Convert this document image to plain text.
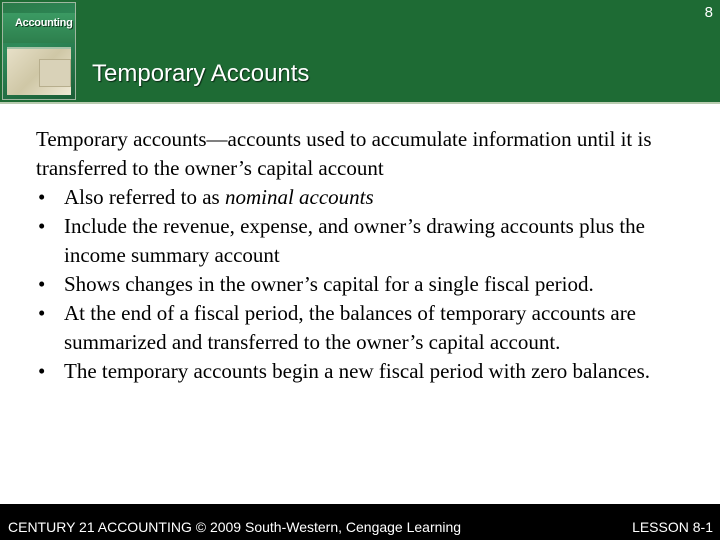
Accounting
8
Temporary Accounts

Temporary accounts—accounts used to accumulate information until it is transferred to the owner’s capital account

• Also referred to as nominal accounts
• Include the revenue, expense, and owner’s drawing accounts plus the income summary account
• Shows changes in the owner’s capital for a single fiscal period.
• At the end of a fiscal period, the balances of temporary accounts are summarized and transferred to the owner’s capital account.
• The temporary accounts begin a new fiscal period with zero balances.
CENTURY 21 ACCOUNTING © 2009 South-Western, Cengage Learning	LESSON 8-1
